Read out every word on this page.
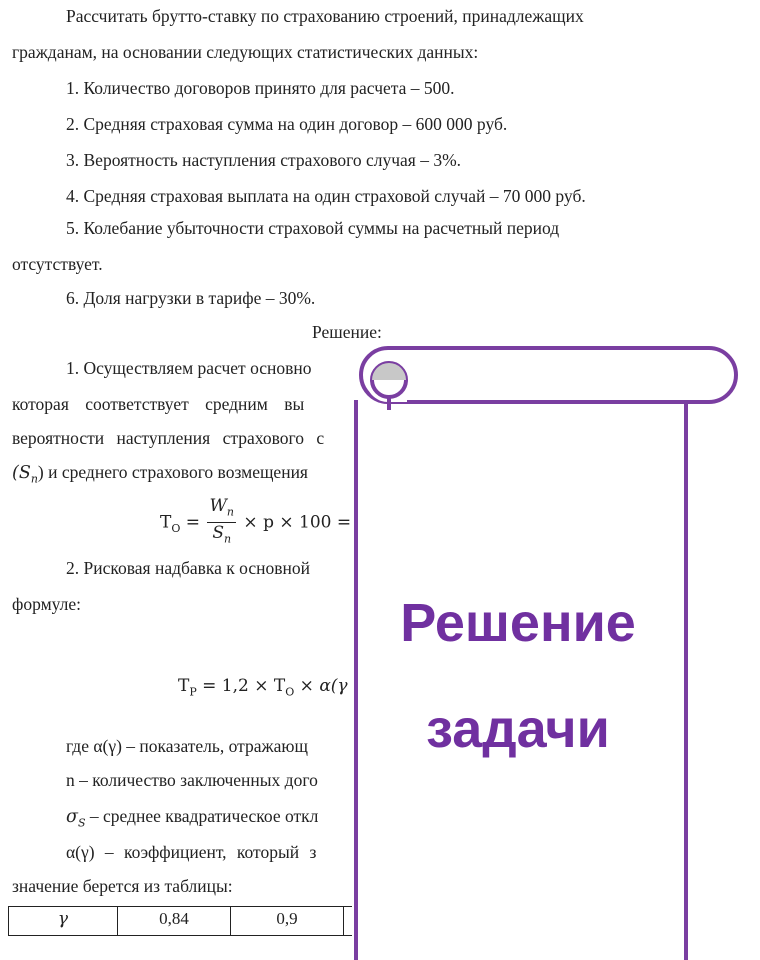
Рассчитать брутто-ставку по страхованию строений, принадлежащих
гражданам, на основании следующих статистических данных:
1. Количество договоров принято для расчета – 500.
2. Средняя страховая сумма на один договор – 600 000 руб.
3. Вероятность наступления страхового случая – 3%.
4. Средняя страховая выплата на один страховой случай – 70 000 руб.
5. Колебание убыточности страховой суммы на расчетный период
отсутствует.
6. Доля нагрузки в тарифе – 30%.
Решение:
1. Осуществляем расчет основно
которая соответствует средним вы
вероятности наступления страхового с
$(S_n)$ и среднего страхового возмещения
$Т_О = \frac{W_n}{S_n} \times p \times 100$ =
2. Рисковая надбавка к основной
формуле:
$Т_Р = 1,2 \times Т_О \times \alpha(\gamma$
где α(γ) – показатель, отражающ
n – количество заключенных дого
$\sigma_S$ – среднее квадратическое откл
α(γ) – коэффициент, который з
значение берется из таблицы:
γ	0,84	0,9	
Решение
задачи
